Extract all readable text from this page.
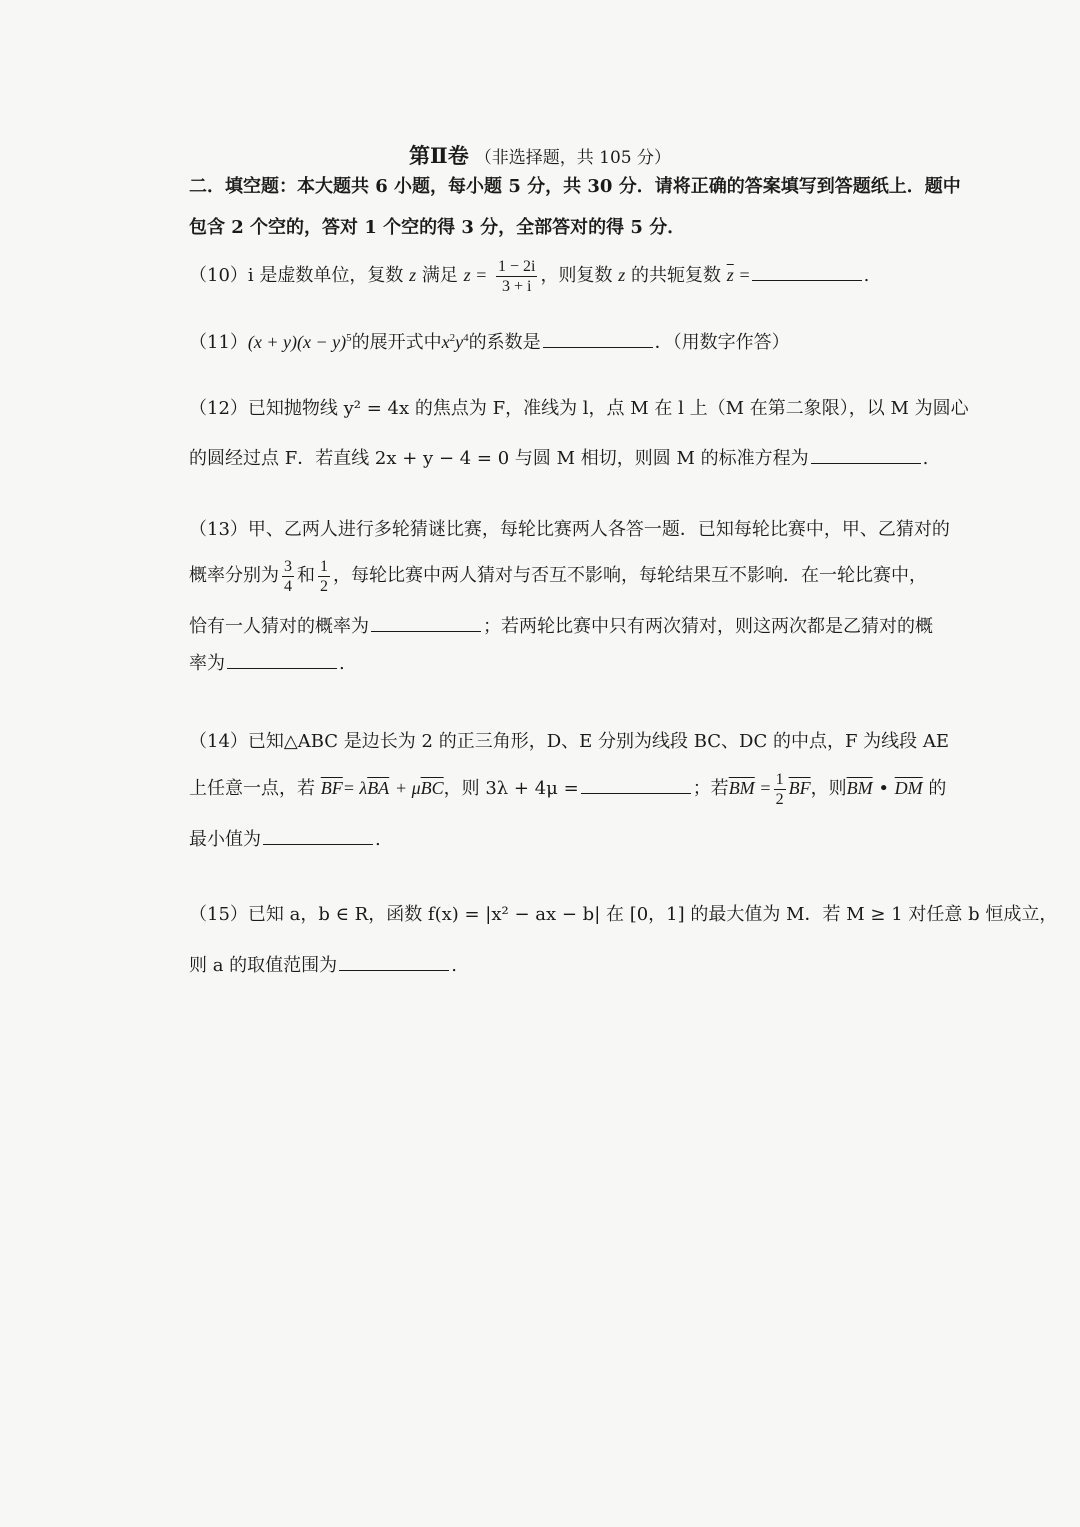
第Ⅱ卷 （非选择题，共 105 分）
二．填空题：本大题共 6 小题，每小题 5 分，共 30 分．请将正确的答案填写到答题纸上．题中
包含 2 个空的，答对 1 个空的得 3 分，全部答对的得 5 分．
（10）i 是虚数单位，复数 z 满足 $z = \frac{1 - 2i}{3 + i}$ ，则复数 z 的共轭复数 $\overline{z}$ =	.
$(11)(x + y)(x - y)^5$的展开式中$x^2y^4$的系数是	．（用数字作答）
（12）已知抛物线 y² = 4x 的焦点为 F，准线为 l，点 M 在 l 上（M 在第二象限），以 M 为圆心
的圆经过点 F．若直线 2x + y − 4 = 0 与圆 M 相切，则圆 M 的标准方程为	.
（13）甲、乙两人进行多轮猜谜比赛，每轮比赛两人各答一题．已知每轮比赛中，甲、乙猜对的
概率分别为 $\frac{3}{4}$ 和 $\frac{1}{2}$ ，每轮比赛中两人猜对与否互不影响，每轮结果互不影响．在一轮比赛中，
恰有一人猜对的概率为	；若两轮比赛中只有两次猜对，则这两次都是乙猜对的概
率为	.
（14）已知△ABC 是边长为 2 的正三角形，D、E 分别为线段 BC、DC 的中点，F 为线段 AE
上任意一点，若 $\overline{BF}= \lambda\overline{BA} + \mu\overline{BC}$，则 3λ + 4μ =	；若$\overline{BM} = \frac{1}{2} \overline{BF}$，则$\overline{BM}$ • $\overline{DM}$ 的
最小值为	.
（15）已知 a，b ∈ R，函数 f(x) = |x² − ax − b| 在 [0，1] 的最大值为 M．若 M ≥ 1 对任意 b 恒成立，
则 a 的取值范围为	.
